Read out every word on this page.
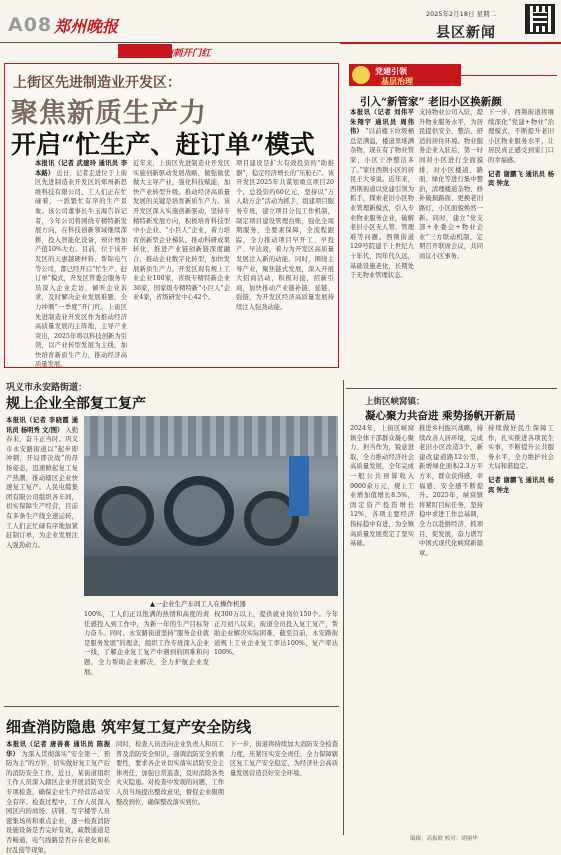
A08 郑州晚报
2025年2月18日 星期二
县区新闻
复工复产 冲刺开门红
上街区先进制造业开发区：
聚焦新质生产力
开启“忙生产、赶订单”模式
本报讯（记者 武建玲 通讯员 李本路） 近日，记者走进位于上街区先进制造业开发区的郑州新思维科技有限公司，工人们正在忙碌着，一派繁忙有序的生产景象。该公司董事长牛玉海告诉记者，今年公司将围绕专精特新发展方向，在科技创新领域继续深耕，投入智能化设备，预计增加产值10%左右。目前，位于该开发区的天惠越硬材料、帮锦电气等公司，都已经开启“忙生产、赶订单”模式，开发区管委会服务专员深入企业走访，倾听企业诉求，及时解决企业发展难题，全力冲刺“一季度”开门红。上街区先进制造业开发区作为推动经济高质量发展的主阵地，主导产业突出，2025年将以科技创新为引领，以产业转型发展为主线，加快培育新质生产力，推动经济高质量发展。
近年来，上街区先进制造业开发区实施创新驱动发展战略，做强做优做大主导产业，强化科技赋能，加快产业转型升级。推动经济高质量发展的关键是培育新质生产力。该开发区深入实施创新驱动、坚持专精特新发展方向，积极培育科技型中小企业、“小巨人”企业，着力培育创新型企业梯队。推动科研成果转化，推进产业链创新链深度融合，推动企业数字化转型，加快发展新质生产力。开发区现有规上工业企业100家，省级专精特新企业36家，国家级专精特新“小巨人”企业4家，省级研发中心42个。
项目建设是扩大有效投资的“助推器”，稳定经济增长的“压舱石”。该开发区2025年共谋划重点项目20个，总投资约60亿元，坚持以“万人助万企”活动为抓手，组建项目服务专班，建立项目分包工作机制，制定项目建设管理台账，强化全周期服务，全要素保障，全流程跟踪，全力推动项目早开工、早投产、早达效，着力为开发区高质量发展注入新的动能。同时，围绕主导产业，聚焦链式发展，深入开展大招商活动，积极对接，招新引商，加快推动产业链补链、延链、强链，为开发区经济高质量发展持续注入强劲动能。
党建引领
基层治理
引入“新管家” 老旧小区换新颜
本报讯（记者 刘伟平 朱翔宇 通讯员 周伟伟） “以前楼下垃圾桶总是满溢，楼道里堆满杂物，现在有了物业管家，小区干净整洁多了。”家住西荆小区的居民王大爷说。近年来，西荆街道以党建引领为抓手，探索老旧小区物业管理新模式，引入专业物业服务企业，破解老旧小区无人管、管理难等问题。西荆街道129号院建于上世纪九十年代，因年代久远，基础设施老化，长期处于无物业管理状态。
支持物业公司入驻，提升物业服务水平，为居民提供安全、整洁、舒适的居住环境。物业服务企业入驻后，第一时间对小区进行全面摸排，对小区楼道、路面、绿化等进行集中整治，清理楼道杂物、修补破损路面、更换老旧路灯，小区面貌焕然一新。同时，建立“党支部+业委会+物业企业”三方联动机制，定期召开联席会议，共同商议小区事务。
下一步，西荆街道将继续深化“党建+物业”治理模式，不断提升老旧小区物业服务水平，让居民真正感受到家门口的幸福感。
记者 谢鹏飞 通讯员 杨宾 钟龙
上街区峡窝镇：
凝心聚力共奋进 乘势扬帆开新局
2024年，上街区峡窝镇全体干部群众凝心聚力、担当作为，锐意进取，全力推动经济社会高质量发展，全年完成一般公共预算收入9000余万元，规上工业增加值增长8.5%，固定资产投资增长12%，各项主要经济指标稳中有进，为全镇高质量发展奠定了坚实基础。
推进乡村振兴战略，持续改善人居环境，完成老旧小区改造3个，新建改建道路12公里，新增绿化面积2.3万平方米，群众获得感、幸福感、安全感不断提升。2025年，峡窝镇将紧盯目标任务，坚持稳中求进工作总基调，全力以赴拼经济、抓项目、促发展，奋力谱写中国式现代化峡窝新篇章。
持续做好民生保障工作，扎实推进各项民生实事，不断提升公共服务水平，全力维护社会大局和谐稳定。
记者 谢鹏飞 通讯员 杨宾 钟龙
巩义市永安路街道：
规上企业全部复工复产
本报讯（记者 李晓霞 通讯员 杨明秀 文/图） 入勤春来，奋斗正当时。巩义市永安路街道以“起步即冲刺，开局即决战”的昂扬姿态，迅速掀起复工复产热潮，推动辖区企业快速复工复产。人民电缆集团有限公司组织各车间，切实保障生产经营，目前有多条生产线全速运转，工人们正忙碌有序地加紧赶制订单，为企业发展注入强劲动力。
▲一企业生产车间工人在操作机器
100%，工人们正以饱满的热情和高度的责任感投入到工作中，为新一年的生产目标努力奋斗。同时，永安路街道坚持“服务企业就是服务发展”的理念，组织工作专班深入企业一线，了解企业复工复产中遇到的困难和问题，全力帮助企业解决，全力护航企业发展。
权300万以上，提供就业岗位150个。今年正月初八以来，街道全员投入复工复产，帮助企业解决实际困难，截至目前，永安路街道规上工业企业复工率达100%，复产率达100%。
细查消防隐患 筑牢复工复产安全防线
本报讯（记者 唐善喜 通讯员 陈振华） 为深入贯彻落实“安全第一、预防为主”的方针，切实做好复工复产后的消防安全工作，近日，某街道组织工作人员深入辖区企业开展消防安全专项检查，确保企业生产经营活动安全有序。检查过程中，工作人员深入园区内的商场、店铺、写字楼等人员密集场所和重点企业，逐一检查消防设施设备是否完好有效，疏散通道是否畅通，电气线路是否存在老化和私拉乱接等现象。
同时，检查人员还向企业负责人和员工普及消防安全知识，强调消防安全的重要性，要求各企业切实落实消防安全主体责任，加强日常巡查，及时消除各类火灾隐患。对检查中发现的问题，工作人员当场提出整改意见，督促企业限期整改到位，确保整改落实到位。
下一步，街道将持续加大消防安全检查力度，压紧压实安全责任，全力保障辖区复工复产安全稳定，为经济社会高质量发展营造良好安全环境。
编辑：高振欧 校对：胡丽华
